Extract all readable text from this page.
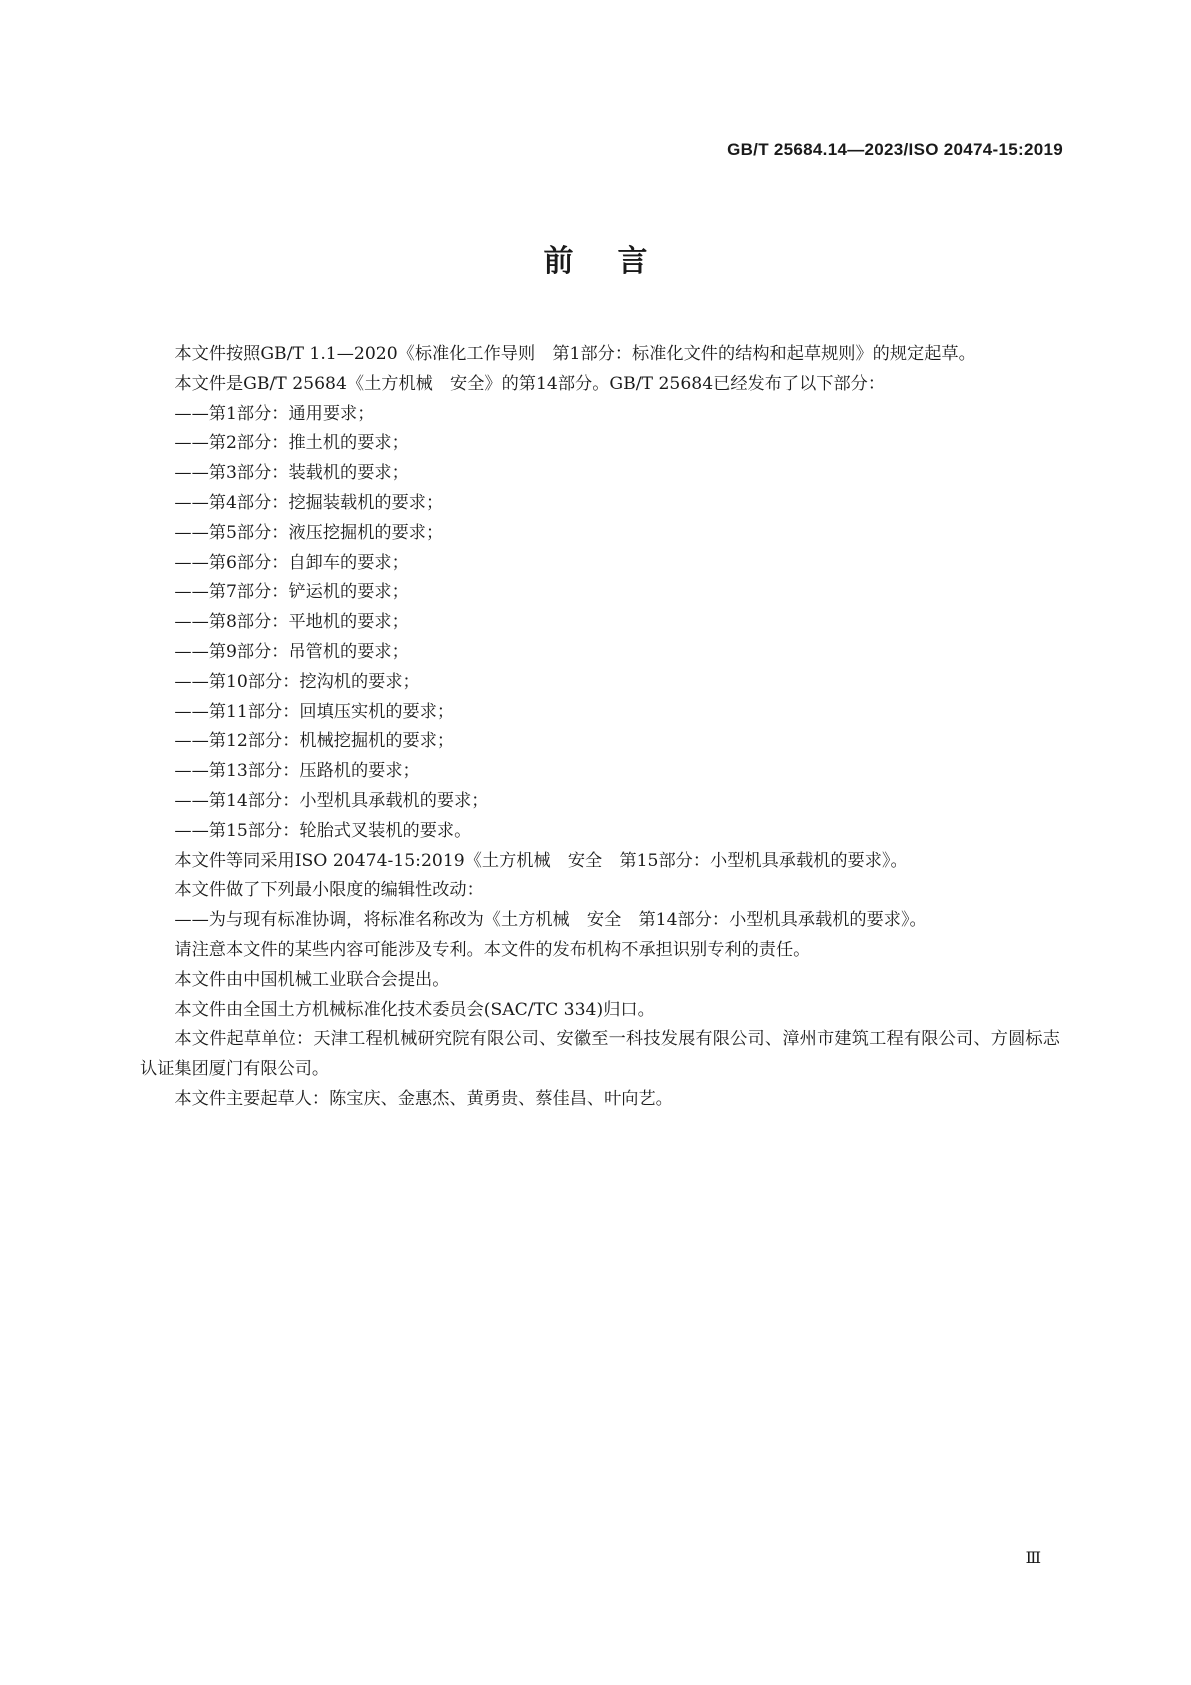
GB/T 25684.14—2023/ISO 20474-15:2019
前言

本文件按照GB/T 1.1—2020《标准化工作导则　第1部分：标准化文件的结构和起草规则》的规定起草。

本文件是GB/T 25684《土方机械　安全》的第14部分。GB/T 25684已经发布了以下部分：

——第1部分：通用要求；

——第2部分：推土机的要求；

——第3部分：装载机的要求；

——第4部分：挖掘装载机的要求；

——第5部分：液压挖掘机的要求；

——第6部分：自卸车的要求；

——第7部分：铲运机的要求；

——第8部分：平地机的要求；

——第9部分：吊管机的要求；

——第10部分：挖沟机的要求；

——第11部分：回填压实机的要求；

——第12部分：机械挖掘机的要求；

——第13部分：压路机的要求；

——第14部分：小型机具承载机的要求；

——第15部分：轮胎式叉装机的要求。

本文件等同采用ISO 20474-15:2019《土方机械　安全　第15部分：小型机具承载机的要求》。

本文件做了下列最小限度的编辑性改动：

——为与现有标准协调，将标准名称改为《土方机械　安全　第14部分：小型机具承载机的要求》。

请注意本文件的某些内容可能涉及专利。本文件的发布机构不承担识别专利的责任。

本文件由中国机械工业联合会提出。

本文件由全国土方机械标准化技术委员会(SAC/TC 334)归口。

本文件起草单位：天津工程机械研究院有限公司、安徽至一科技发展有限公司、漳州市建筑工程有限公司、方圆标志认证集团厦门有限公司。

本文件主要起草人：陈宝庆、金惠杰、黄勇贵、蔡佳昌、叶向艺。

Ⅲ
